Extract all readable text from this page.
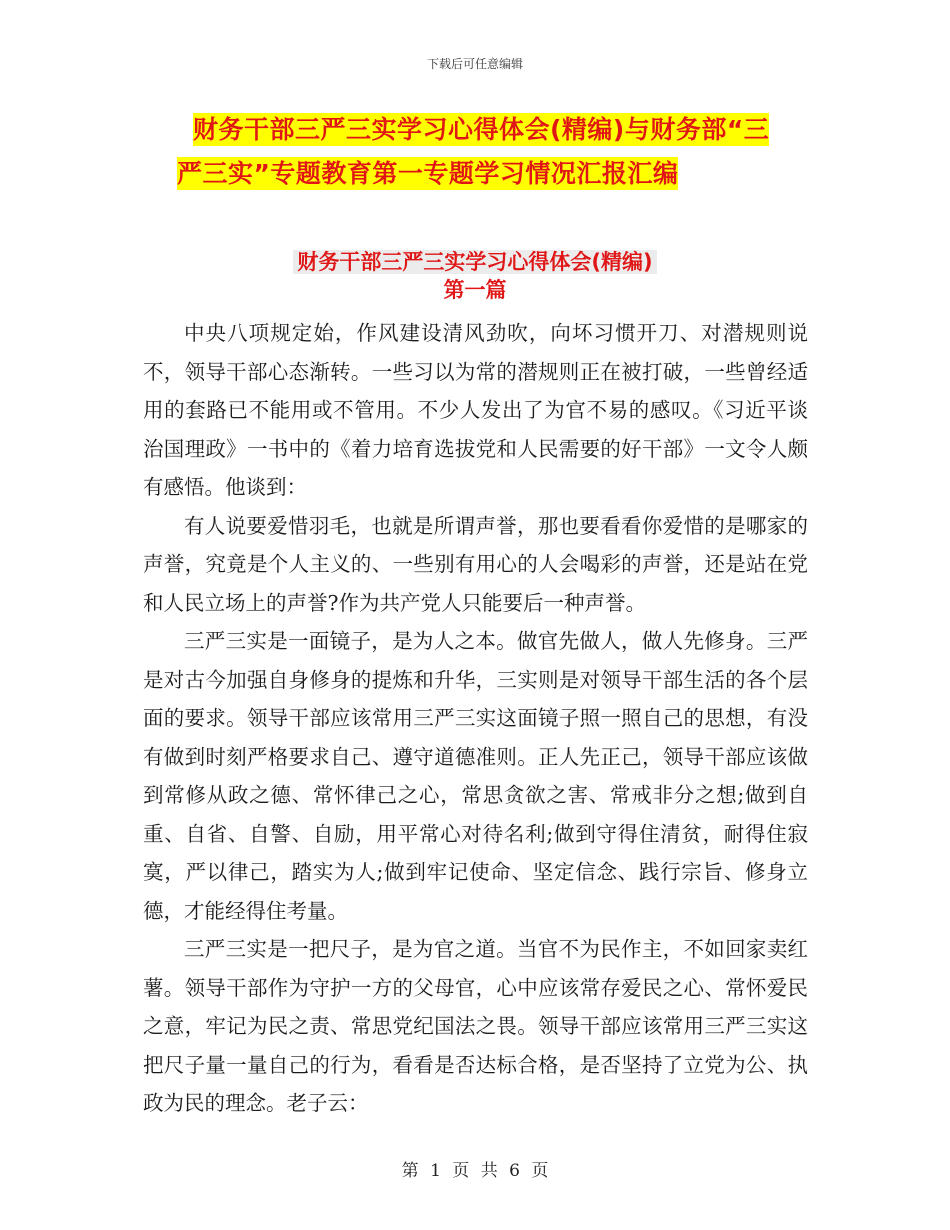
下载后可任意编辑
财务干部三严三实学习心得体会(精编)与财务部“三
严三实”专题教育第一专题学习情况汇报汇编
财务干部三严三实学习心得体会(精编)
第一篇

中央八项规定始，作风建设清风劲吹，向坏习惯开刀、对潜规则说不，领导干部心态渐转。一些习以为常的潜规则正在被打破，一些曾经适用的套路已不能用或不管用。不少人发出了为官不易的感叹。《习近平谈治国理政》一书中的《着力培育选拔党和人民需要的好干部》一文令人颇有感悟。他谈到：

有人说要爱惜羽毛，也就是所谓声誉，那也要看看你爱惜的是哪家的声誉，究竟是个人主义的、一些别有用心的人会喝彩的声誉，还是站在党和人民立场上的声誉?作为共产党人只能要后一种声誉。

三严三实是一面镜子，是为人之本。做官先做人，做人先修身。三严是对古今加强自身修身的提炼和升华，三实则是对领导干部生活的各个层面的要求。领导干部应该常用三严三实这面镜子照一照自己的思想，有没有做到时刻严格要求自己、遵守道德准则。正人先正己，领导干部应该做到常修从政之德、常怀律己之心，常思贪欲之害、常戒非分之想;做到自重、自省、自警、自励，用平常心对待名利;做到守得住清贫，耐得住寂寞，严以律己，踏实为人;做到牢记使命、坚定信念、践行宗旨、修身立德，才能经得住考量。

三严三实是一把尺子，是为官之道。当官不为民作主，不如回家卖红薯。领导干部作为守护一方的父母官，心中应该常存爱民之心、常怀爱民之意，牢记为民之责、常思党纪国法之畏。领导干部应该常用三严三实这把尺子量一量自己的行为，看看是否达标合格，是否坚持了立党为公、执政为民的理念。老子云：

第 1 页 共 6 页
